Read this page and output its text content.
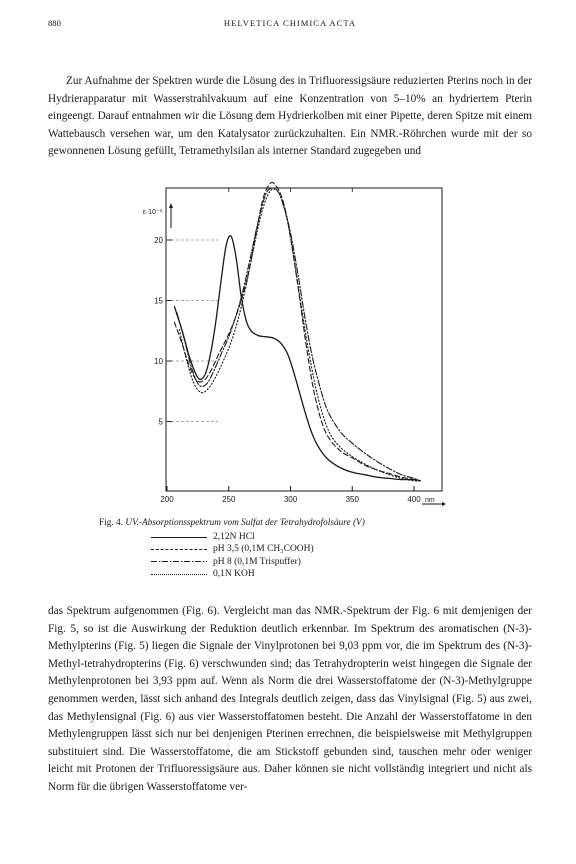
880	HELVETICA CHIMICA ACTA

Zur Aufnahme der Spektren wurde die Lösung des in Trifluoressigsäure reduzierten Pterins noch in der Hydrierapparatur mit Wasserstrahlvakuum auf eine Konzentration von 5–10% an hydriertem Pterin eingeengt. Darauf entnahmen wir die Lösung dem Hydrierkolben mit einer Pipette, deren Spitze mit einem Wattebausch versehen war, um den Katalysator zurückzuhalten. Ein NMR.-Röhrchen wurde mit der so gewonnenen Lösung gefüllt, Tetramethylsilan als interner Standard zugegeben und

200	250	300	350	400 nm
5
10
15
20
ε·10⁻³
Fig. 4. UV.-Absorptionsspektrum vom Sulfat der Tetrahydrofolsäure (V)
2,12N HCl
pH 3,5 (0,1M CH₃COOH)
pH 8 (0,1M Trispuffer)
0,1N KOH

das Spektrum aufgenommen (Fig. 6). Vergleicht man das NMR.-Spektrum der Fig. 6 mit demjenigen der Fig. 5, so ist die Auswirkung der Reduktion deutlich erkennbar. Im Spektrum des aromatischen (N-3)-Methylpterins (Fig. 5) liegen die Signale der Vinylprotonen bei 9,03 ppm vor, die im Spektrum des (N-3)-Methyl-tetrahydropterins (Fig. 6) verschwunden sind; das Tetrahydropterin weist hingegen die Signale der Methylenprotonen bei 3,93 ppm auf. Wenn als Norm die drei Wasserstoffatome der (N-3)-Methylgruppe genommen werden, lässt sich anhand des Integrals deutlich zeigen, dass das Vinylsignal (Fig. 5) aus zwei, das Methylensignal (Fig. 6) aus vier Wasserstoffatomen besteht. Die Anzahl der Wasserstoffatome in den Methylengruppen lässt sich nur bei denjenigen Pterinen errechnen, die beispielsweise mit Methylgruppen substituiert sind. Die Wasserstoffatome, die am Stickstoff gebunden sind, tauschen mehr oder weniger leicht mit Protonen der Trifluoressigsäure aus. Daher können sie nicht vollständig integriert und nicht als Norm für die übrigen Wasserstoffatome ver-
